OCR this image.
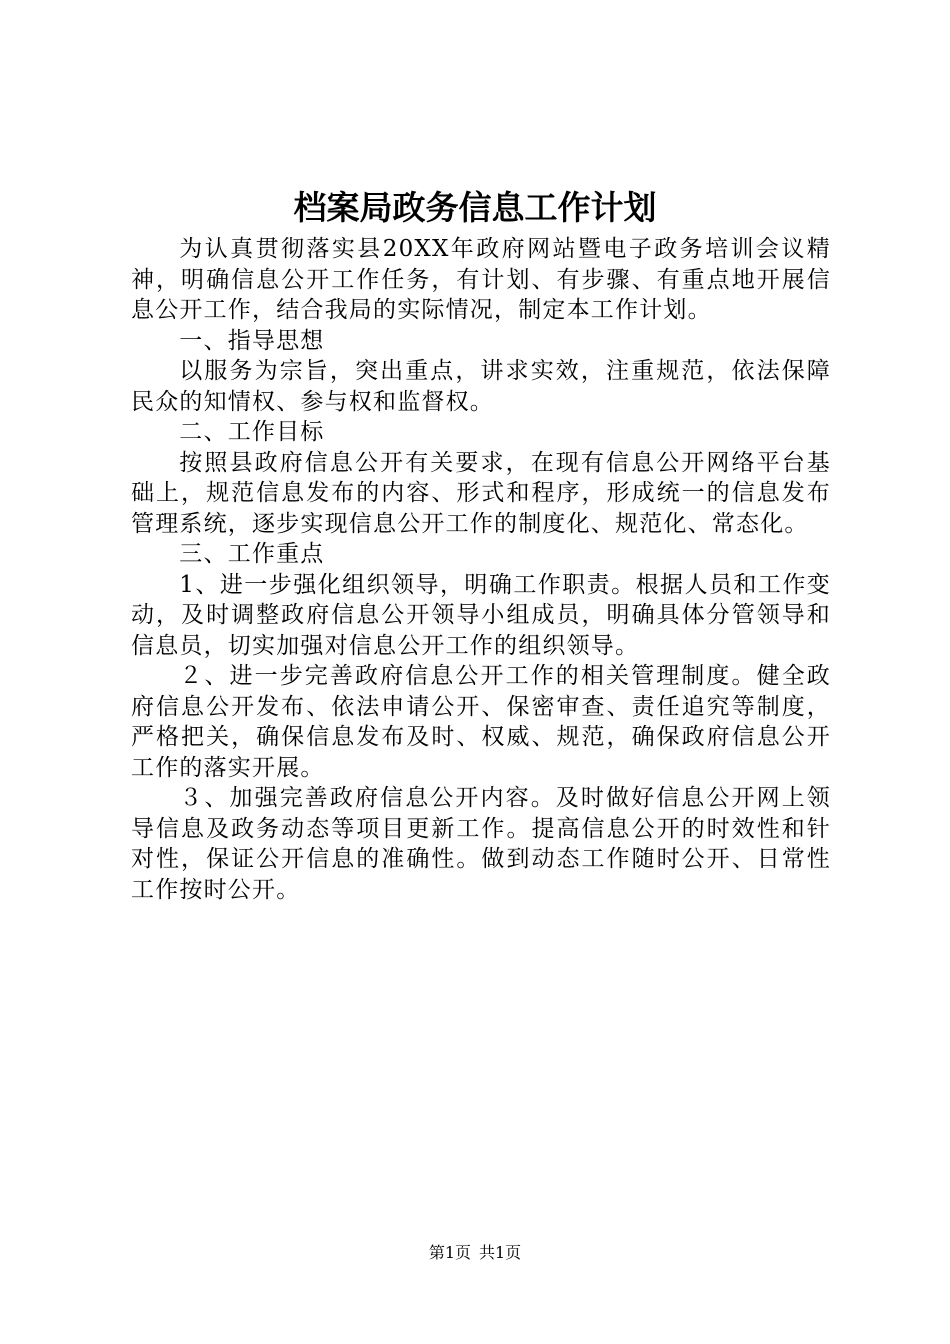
档案局政务信息工作计划

为认真贯彻落实县20XX年政府网站暨电子政务培训会议精神，明确信息公开工作任务，有计划、有步骤、有重点地开展信息公开工作，结合我局的实际情况，制定本工作计划。

一、指导思想

以服务为宗旨，突出重点，讲求实效，注重规范，依法保障民众的知情权、参与权和监督权。

二、工作目标

按照县政府信息公开有关要求，在现有信息公开网络平台基础上，规范信息发布的内容、形式和程序，形成统一的信息发布管理系统，逐步实现信息公开工作的制度化、规范化、常态化。

三、工作重点

1、进一步强化组织领导，明确工作职责。根据人员和工作变动，及时调整政府信息公开领导小组成员，明确具体分管领导和信息员，切实加强对信息公开工作的组织领导。

２、进一步完善政府信息公开工作的相关管理制度。健全政府信息公开发布、依法申请公开、保密审查、责任追究等制度，严格把关，确保信息发布及时、权威、规范，确保政府信息公开工作的落实开展。

３、加强完善政府信息公开内容。及时做好信息公开网上领导信息及政务动态等项目更新工作。提高信息公开的时效性和针对性，保证公开信息的准确性。做到动态工作随时公开、日常性工作按时公开。

第1页 共1页
